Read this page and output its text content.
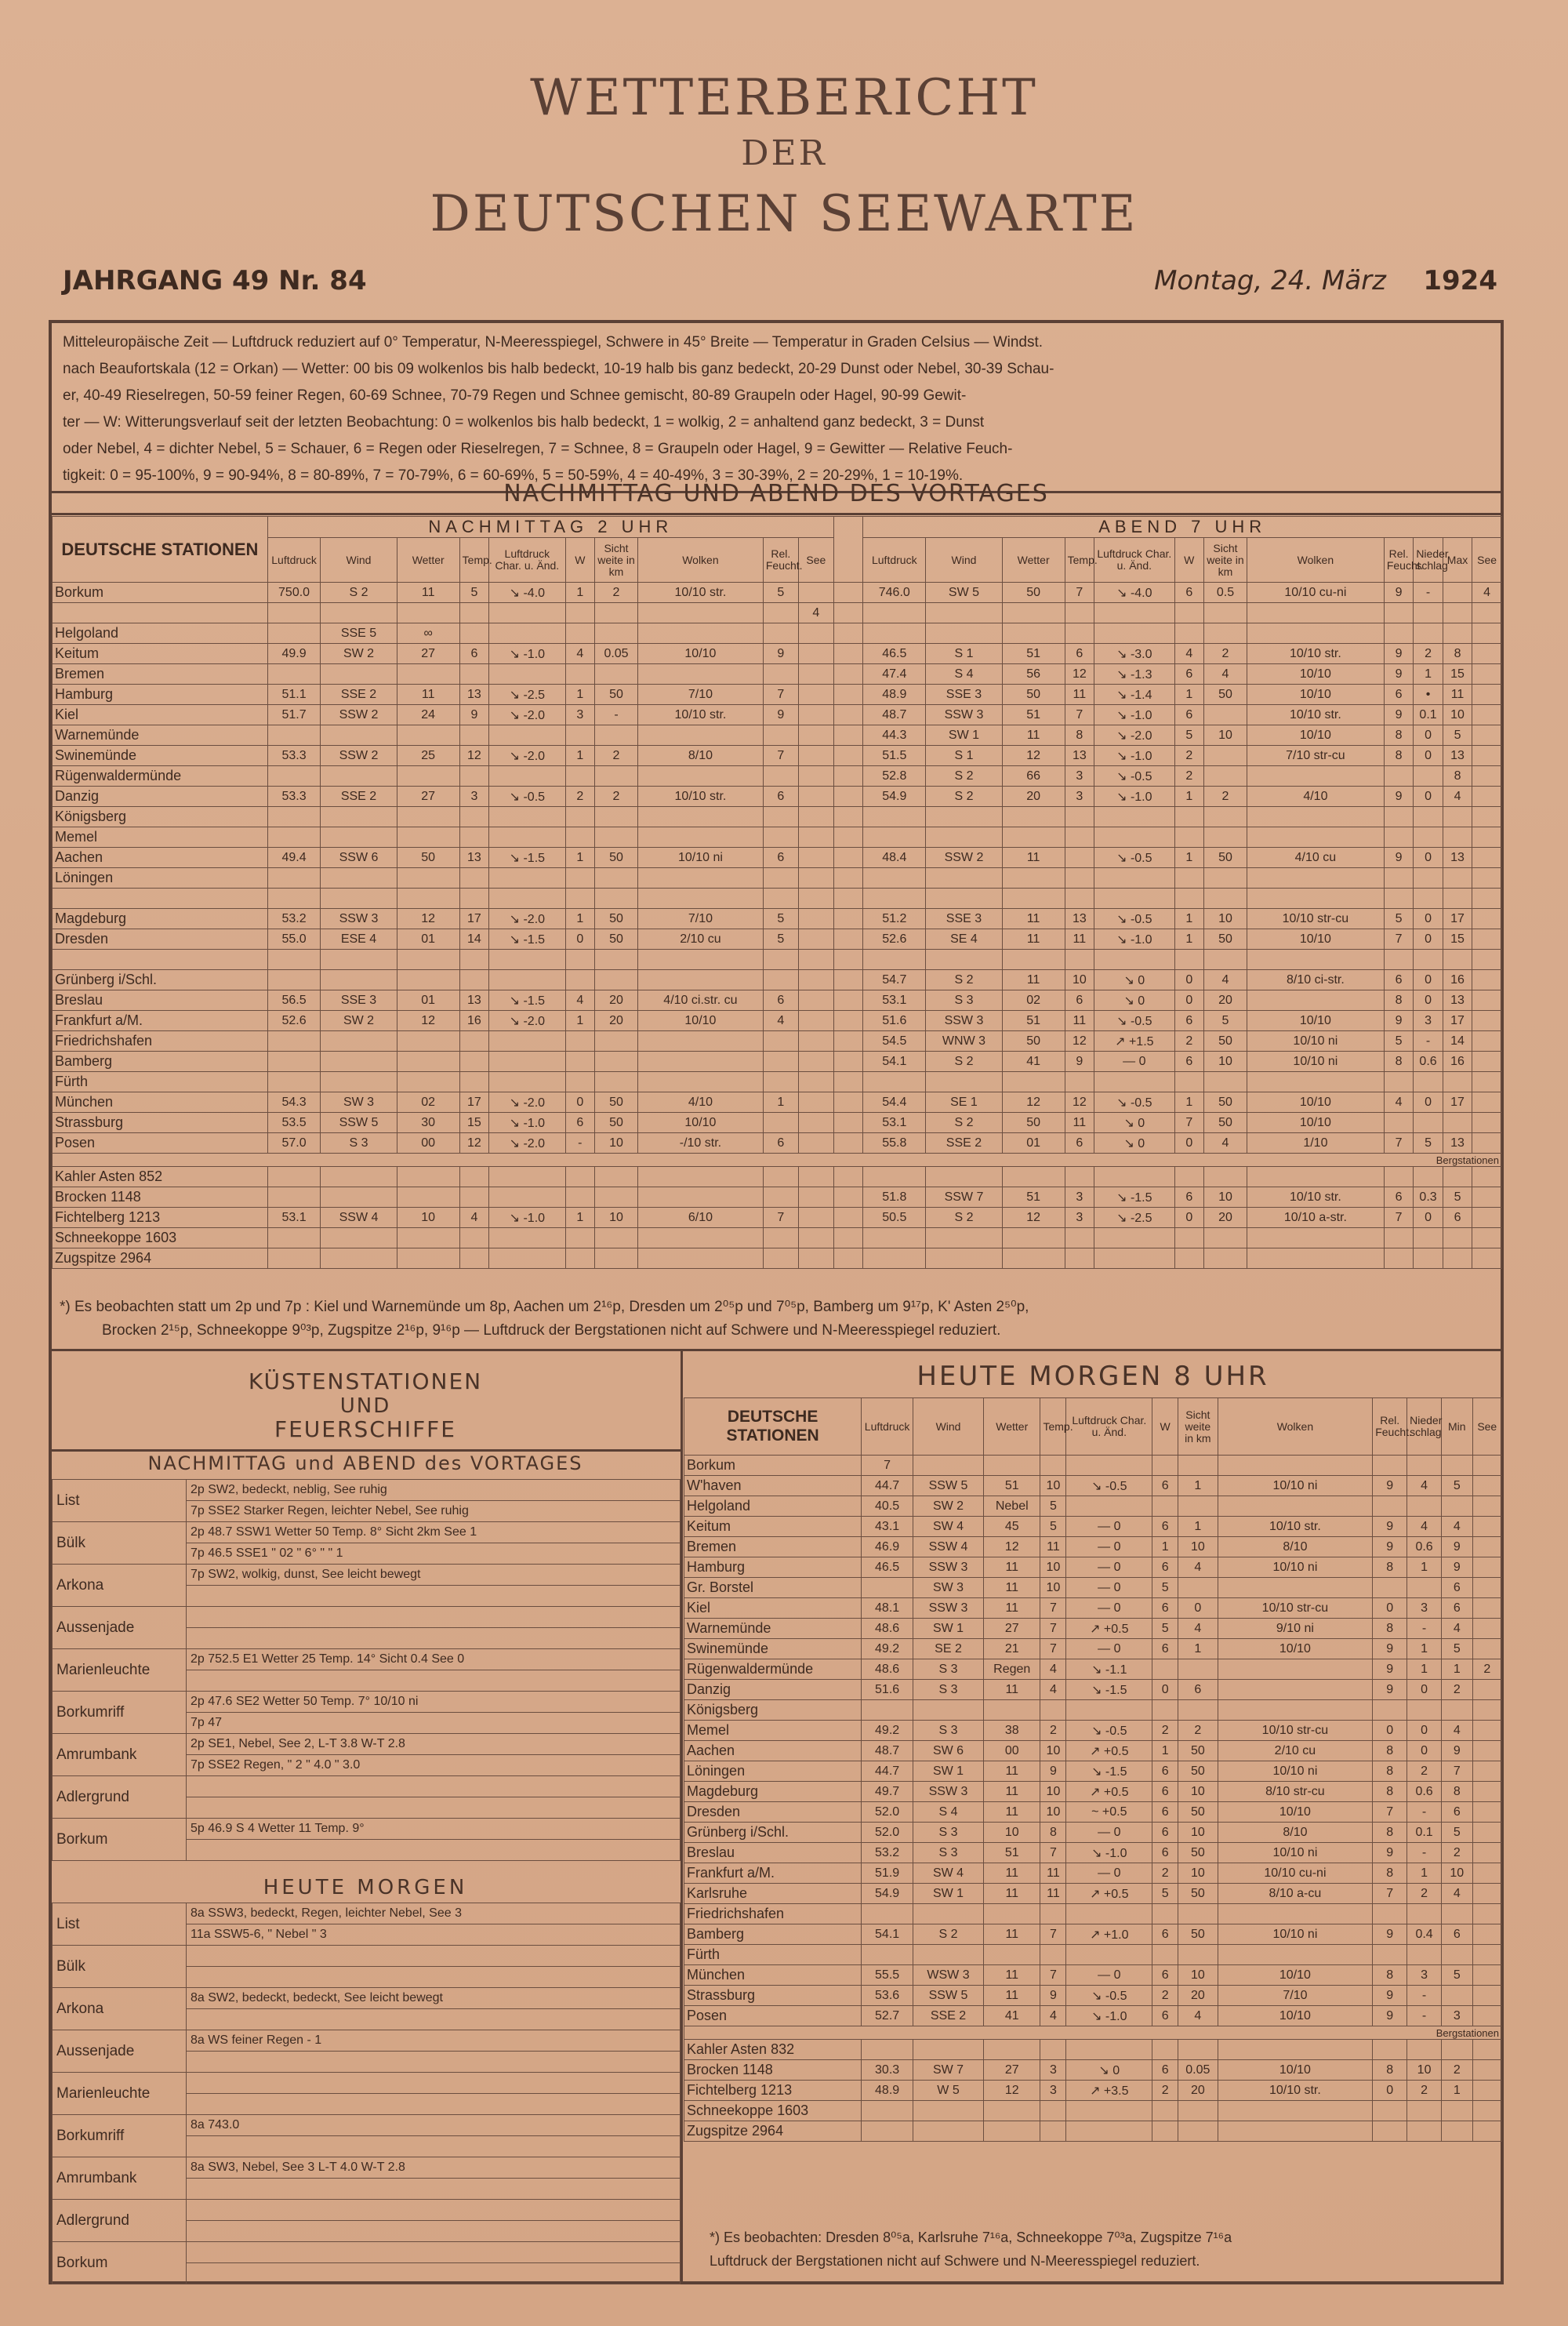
WETTERBERICHT
DER
DEUTSCHEN SEEWARTE
JAHRGANG 49 Nr. 84	Montag, 24. März 1924

Mitteleuropäische Zeit — Luftdruck reduziert auf 0° Temperatur, N-Meeresspiegel, Schwere in 45° Breite — Temperatur in Graden Celsius — Windst.

nach Beaufortskala (12 = Orkan) — Wetter: 00 bis 09 wolkenlos bis halb bedeckt, 10-19 halb bis ganz bedeckt, 20-29 Dunst oder Nebel, 30-39 Schau-

er, 40-49 Rieselregen, 50-59 feiner Regen, 60-69 Schnee, 70-79 Regen und Schnee gemischt, 80-89 Graupeln oder Hagel, 90-99 Gewit-

ter — W: Witterungsverlauf seit der letzten Beobachtung: 0 = wolkenlos bis halb bedeckt, 1 = wolkig, 2 = anhaltend ganz bedeckt, 3 = Dunst

oder Nebel, 4 = dichter Nebel, 5 = Schauer, 6 = Regen oder Rieselregen, 7 = Schnee, 8 = Graupeln oder Hagel, 9 = Gewitter — Relative Feuch-

tigkeit: 0 = 95-100%, 9 = 90-94%, 8 = 80-89%, 7 = 70-79%, 6 = 60-69%, 5 = 50-59%, 4 = 40-49%, 3 = 30-39%, 2 = 20-29%, 1 = 10-19%.

NACHMITTAG UND ABEND DES VORTAGES
DEUTSCHE STATIONEN	NACHMITTAG 2 UHR											ABEND 7 UHR											
	Luftdruck	Wind	Wetter	Temp.	Luftdruck Char. u. Änd.	W	Sicht weite in km	Wolken	Rel. Feucht.	See		Luftdruck	Wind	Wetter	Temp.	Luftdruck Char. u. Änd.	W	Sicht weite in km	Wolken	Rel. Feucht.	Nieder schlag	Max	See
Borkum	750.0	S 2	11	5	↘ -4.0	1	2	10/10 str.	5			746.0	SW 5	50	7	↘ -4.0	6	0.5	10/10 cu-ni	9	-		4
										4													
Helgoland		SSE 5	∞																				
Keitum	49.9	SW 2	27	6	↘ -1.0	4	0.05	10/10	9			46.5	S 1	51	6	↘ -3.0	4	2	10/10 str.	9	2	8	
Bremen												47.4	S 4	56	12	↘ -1.3	6	4	10/10	9	1	15	
Hamburg	51.1	SSE 2	11	13	↘ -2.5	1	50	7/10	7			48.9	SSE 3	50	11	↘ -1.4	1	50	10/10	6	•	11	
Kiel	51.7	SSW 2	24	9	↘ -2.0	3	-	10/10 str.	9			48.7	SSW 3	51	7	↘ -1.0	6		10/10 str.	9	0.1	10	
Warnemünde												44.3	SW 1	11	8	↘ -2.0	5	10	10/10	8	0	5	
Swinemünde	53.3	SSW 2	25	12	↘ -2.0	1	2	8/10	7			51.5	S 1	12	13	↘ -1.0	2		7/10 str-cu	8	0	13	
Rügenwaldermünde												52.8	S 2	66	3	↘ -0.5	2					8	
Danzig	53.3	SSE 2	27	3	↘ -0.5	2	2	10/10 str.	6			54.9	S 2	20	3	↘ -1.0	1	2	4/10	9	0	4	
Königsberg																							
Memel																							
Aachen	49.4	SSW 6	50	13	↘ -1.5	1	50	10/10 ni	6			48.4	SSW 2	11		↘ -0.5	1	50	4/10 cu	9	0	13	
Löningen																							

Magdeburg	53.2	SSW 3	12	17	↘ -2.0	1	50	7/10	5			51.2	SSE 3	11	13	↘ -0.5	1	10	10/10 str-cu	5	0	17	
Dresden	55.0	ESE 4	01	14	↘ -1.5	0	50	2/10 cu	5			52.6	SE 4	11	11	↘ -1.0	1	50	10/10	7	0	15	

Grünberg i/Schl.												54.7	S 2	11	10	↘ 0	0	4	8/10 ci-str.	6	0	16	
Breslau	56.5	SSE 3	01	13	↘ -1.5	4	20	4/10 ci.str. cu	6			53.1	S 3	02	6	↘ 0	0	20		8	0	13	
Frankfurt a/M.	52.6	SW 2	12	16	↘ -2.0	1	20	10/10	4			51.6	SSW 3	51	11	↘ -0.5	6	5	10/10	9	3	17	
Friedrichshafen												54.5	WNW 3	50	12	↗ +1.5	2	50	10/10 ni	5	-	14	
Bamberg												54.1	S 2	41	9	— 0	6	10	10/10 ni	8	0.6	16	
Fürth																							
München	54.3	SW 3	02	17	↘ -2.0	0	50	4/10	1			54.4	SE 1	12	12	↘ -0.5	1	50	10/10	4	0	17	
Strassburg	53.5	SSW 5	30	15	↘ -1.0	6	50	10/10				53.1	S 2	50	11	↘ 0	7	50	10/10				
Posen	57.0	S 3	00	12	↘ -2.0	-	10	-/10 str.	6			55.8	SSE 2	01	6	↘ 0	0	4	1/10	7	5	13	
Bergstationen																							
Kahler Asten 852																							
Brocken 1148												51.8	SSW 7	51	3	↘ -1.5	6	10	10/10 str.	6	0.3	5	
Fichtelberg 1213	53.1	SSW 4	10	4	↘ -1.0	1	10	6/10	7			50.5	S 2	12	3	↘ -2.5	0	20	10/10 a-str.	7	0	6	
Schneekoppe 1603																							
Zugspitze 2964																							
*) Es beobachten statt um 2p und 7p : Kiel und Warnemünde um 8p, Aachen um 2¹⁶p, Dresden um 2⁰⁵p und 7⁰⁵p, Bamberg um 9¹⁷p, K' Asten 2⁵⁰p,
Brocken 2¹⁵p, Schneekoppe 9⁰³p, Zugspitze 2¹⁶p, 9¹⁶p — Luftdruck der Bergstationen nicht auf Schwere und N-Meeresspiegel reduziert.
KÜSTENSTATIONEN
UND
FEUERSCHIFFE
NACHMITTAG und ABEND des VORTAGES
List	2p SW2, bedeckt, neblig, See ruhig
	7p SSE2 Starker Regen, leichter Nebel, See ruhig
Bülk	2p 48.7 SSW1 Wetter 50 Temp. 8° Sicht 2km See 1
	7p 46.5 SSE1 " 02 " 6° " " 1
Arkona	7p SW2, wolkig, dunst, See leicht bewegt

Aussenjade	

Marienleuchte	2p 752.5 E1 Wetter 25 Temp. 14° Sicht 0.4 See 0

Borkumriff	2p 47.6 SE2 Wetter 50 Temp. 7° 10/10 ni
	7p 47
Amrumbank	2p SE1, Nebel, See 2, L-T 3.8 W-T 2.8
	7p SSE2 Regen, " 2 " 4.0 " 3.0
Adlergrund	

Borkum	5p 46.9 S 4 Wetter 11 Temp. 9°

HEUTE MORGEN
List	8a SSW3, bedeckt, Regen, leichter Nebel, See 3
	11a SSW5-6, " Nebel " 3
Bülk	

Arkona	8a SW2, bedeckt, bedeckt, See leicht bewegt

Aussenjade	8a WS feiner Regen - 1

Marienleuchte	

Borkumriff	8a 743.0

Amrumbank	8a SW3, Nebel, See 3 L-T 4.0 W-T 2.8

Adlergrund	

Borkum	

HEUTE MORGEN 8 UHR
DEUTSCHE STATIONEN	Luftdruck	Wind	Wetter	Temp.	Luftdruck Char. u. Änd.	W	Sicht weite in km	Wolken	Rel. Feucht.	Nieder schlag	Min	See
Borkum	7											
W'haven	44.7	SSW 5	51	10	↘ -0.5	6	1	10/10 ni	9	4	5	
Helgoland	40.5	SW 2	Nebel	5								
Keitum	43.1	SW 4	45	5	— 0	6	1	10/10 str.	9	4	4	
Bremen	46.9	SSW 4	12	11	— 0	1	10	8/10	9	0.6	9	
Hamburg	46.5	SSW 3	11	10	— 0	6	4	10/10 ni	8	1	9	
Gr. Borstel		SW 3	11	10	— 0	5					6	
Kiel	48.1	SSW 3	11	7	— 0	6	0	10/10 str-cu	0	3	6	
Warnemünde	48.6	SW 1	27	7	↗ +0.5	5	4	9/10 ni	8	-	4	
Swinemünde	49.2	SE 2	21	7	— 0	6	1	10/10	9	1	5	
Rügenwaldermünde	48.6	S 3	Regen	4	↘ -1.1				9	1	1	2
Danzig	51.6	S 3	11	4	↘ -1.5	0	6		9	0	2	
Königsberg												
Memel	49.2	S 3	38	2	↘ -0.5	2	2	10/10 str-cu	0	0	4	
Aachen	48.7	SW 6	00	10	↗ +0.5	1	50	2/10 cu	8	0	9	
Löningen	44.7	SW 1	11	9	↘ -1.5	6	50	10/10 ni	8	2	7	
Magdeburg	49.7	SSW 3	11	10	↗ +0.5	6	10	8/10 str-cu	8	0.6	8	
Dresden	52.0	S 4	11	10	~ +0.5	6	50	10/10	7	-	6	
Grünberg i/Schl.	52.0	S 3	10	8	— 0	6	10	8/10	8	0.1	5	
Breslau	53.2	S 3	51	7	↘ -1.0	6	50	10/10 ni	9	-	2	
Frankfurt a/M.	51.9	SW 4	11	11	— 0	2	10	10/10 cu-ni	8	1	10	
Karlsruhe	54.9	SW 1	11	11	↗ +0.5	5	50	8/10 a-cu	7	2	4	
Friedrichshafen												
Bamberg	54.1	S 2	11	7	↗ +1.0	6	50	10/10 ni	9	0.4	6	
Fürth												
München	55.5	WSW 3	11	7	— 0	6	10	10/10	8	3	5	
Strassburg	53.6	SSW 5	11	9	↘ -0.5	2	20	7/10	9	-		
Posen	52.7	SSE 2	41	4	↘ -1.0	6	4	10/10	9	-	3	
Bergstationen												
Kahler Asten 832												
Brocken 1148	30.3	SW 7	27	3	↘ 0	6	0.05	10/10	8	10	2	
Fichtelberg 1213	48.9	W 5	12	3	↗ +3.5	2	20	10/10 str.	0	2	1	
Schneekoppe 1603												
Zugspitze 2964												
*) Es beobachten: Dresden 8⁰⁵a, Karlsruhe 7¹⁶a, Schneekoppe 7⁰³a, Zugspitze 7¹⁶a
Luftdruck der Bergstationen nicht auf Schwere und N-Meeresspiegel reduziert.
